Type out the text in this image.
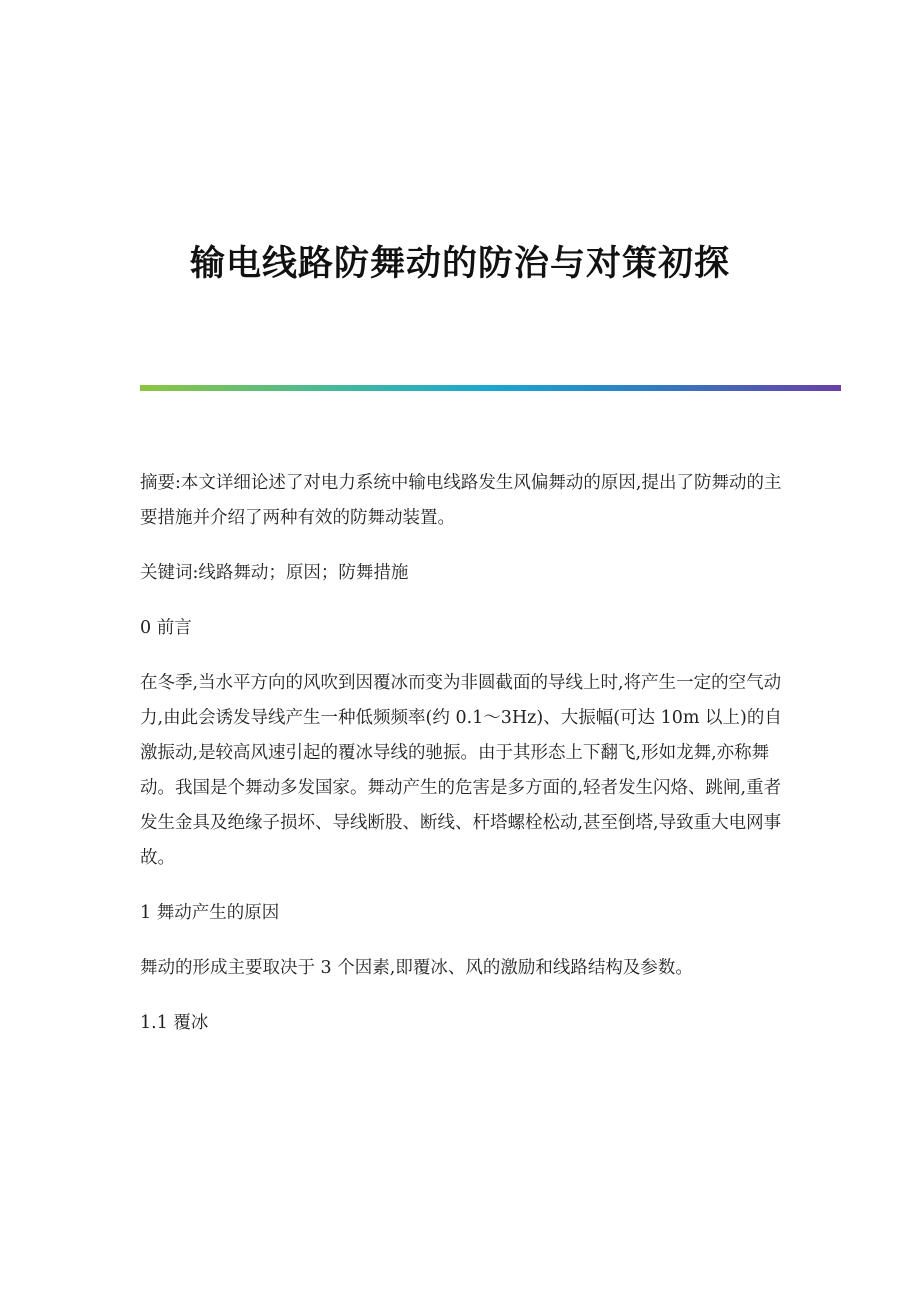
输电线路防舞动的防治与对策初探

摘要:本文详细论述了对电力系统中输电线路发生风偏舞动的原因,提出了防舞动的主要措施并介绍了两种有效的防舞动装置。

关键词:线路舞动；原因；防舞措施

0 前言

在冬季,当水平方向的风吹到因覆冰而变为非圆截面的导线上时,将产生一定的空气动力,由此会诱发导线产生一种低频频率(约 0.1～3Hz)、大振幅(可达 10m 以上)的自激振动,是较高风速引起的覆冰导线的驰振。由于其形态上下翻飞,形如龙舞,亦称舞动。我国是个舞动多发国家。舞动产生的危害是多方面的,轻者发生闪烙、跳闸,重者发生金具及绝缘子损坏、导线断股、断线、杆塔螺栓松动,甚至倒塔,导致重大电网事故。

1 舞动产生的原因

舞动的形成主要取决于 3 个因素,即覆冰、风的激励和线路结构及参数。

1.1 覆冰
